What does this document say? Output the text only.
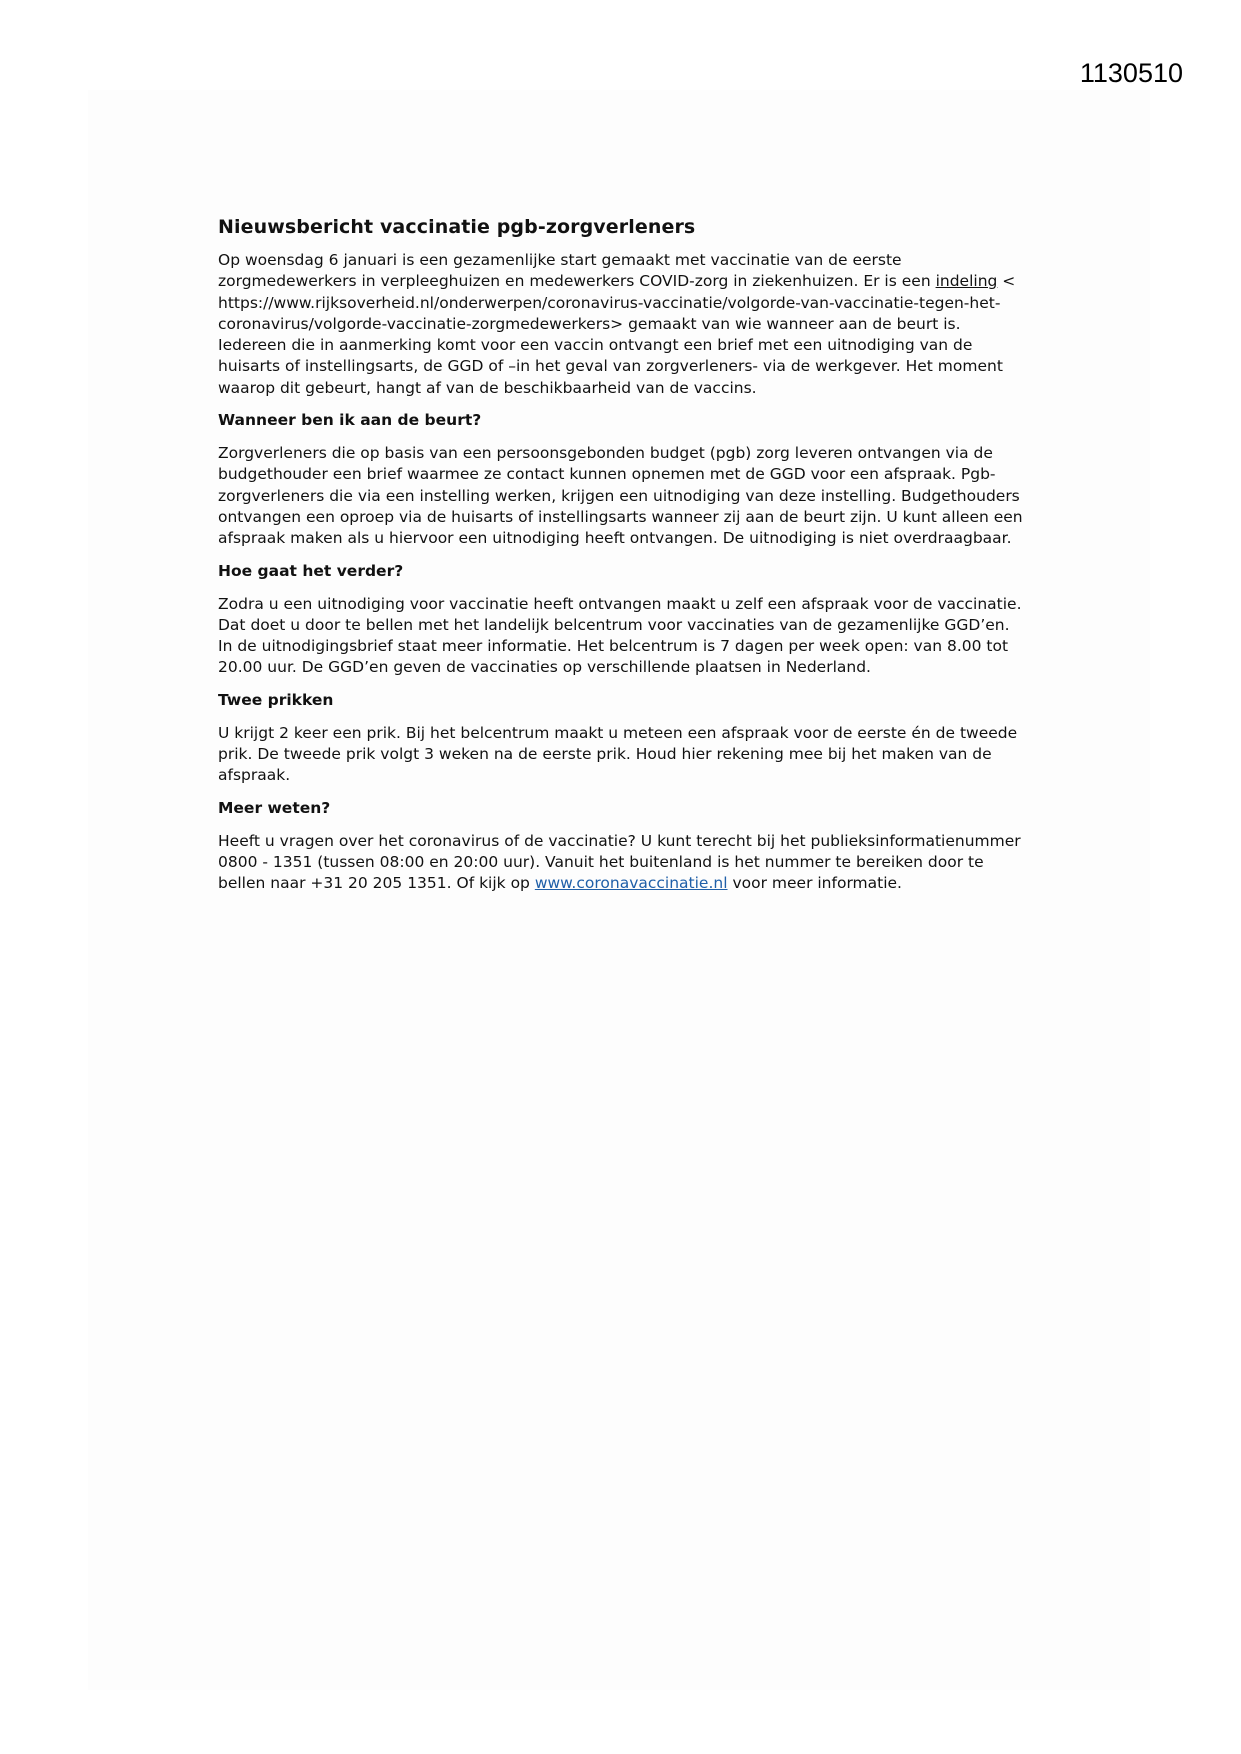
1130510
Nieuwsbericht vaccinatie pgb-zorgverleners

Op woensdag 6 januari is een gezamenlijke start gemaakt met vaccinatie van de eerste zorgmedewerkers in verpleeghuizen en medewerkers COVID-zorg in ziekenhuizen. Er is een indeling < https://www.rijksoverheid.nl/onderwerpen/coronavirus-vaccinatie/volgorde-van-vaccinatie-tegen-het-coronavirus/volgorde-vaccinatie-zorgmedewerkers> gemaakt van wie wanneer aan de beurt is. Iedereen die in aanmerking komt voor een vaccin ontvangt een brief met een uitnodiging van de huisarts of instellingsarts, de GGD of –in het geval van zorgverleners- via de werkgever. Het moment waarop dit gebeurt, hangt af van de beschikbaarheid van de vaccins.

Wanneer ben ik aan de beurt?

Zorgverleners die op basis van een persoonsgebonden budget (pgb) zorg leveren ontvangen via de budgethouder een brief waarmee ze contact kunnen opnemen met de GGD voor een afspraak. Pgb-zorgverleners die via een instelling werken, krijgen een uitnodiging van deze instelling. Budgethouders ontvangen een oproep via de huisarts of instellingsarts wanneer zij aan de beurt zijn. U kunt alleen een afspraak maken als u hiervoor een uitnodiging heeft ontvangen. De uitnodiging is niet overdraagbaar.

Hoe gaat het verder?

Zodra u een uitnodiging voor vaccinatie heeft ontvangen maakt u zelf een afspraak voor de vaccinatie. Dat doet u door te bellen met het landelijk belcentrum voor vaccinaties van de gezamenlijke GGD’en. In de uitnodigingsbrief staat meer informatie. Het belcentrum is 7 dagen per week open: van 8.00 tot 20.00 uur. De GGD’en geven de vaccinaties op verschillende plaatsen in Nederland.

Twee prikken

U krijgt 2 keer een prik. Bij het belcentrum maakt u meteen een afspraak voor de eerste én de tweede prik. De tweede prik volgt 3 weken na de eerste prik. Houd hier rekening mee bij het maken van de afspraak.

Meer weten?

Heeft u vragen over het coronavirus of de vaccinatie? U kunt terecht bij het publieksinformatienummer 0800 - 1351 (tussen 08:00 en 20:00 uur). Vanuit het buitenland is het nummer te bereiken door te bellen naar +31 20 205 1351. Of kijk op www.coronavaccinatie.nl voor meer informatie.
